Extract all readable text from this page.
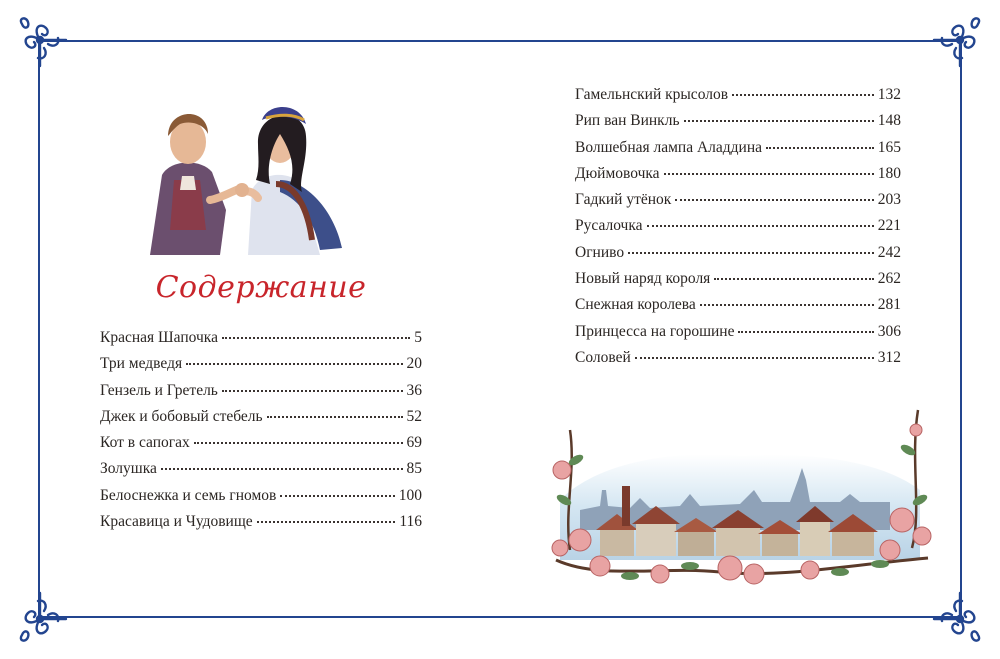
Содержание
Красная Шапочка	5
Три медведя	20
Гензель и Гретель	36
Джек и бобовый стебель	52
Кот в сапогах	69
Золушка	85
Белоснежка и семь гномов	100
Красавица и Чудовище	116
Гамельнский крысолов	132
Рип ван Винкль	148
Волшебная лампа Аладдина	165
Дюймовочка	180
Гадкий утёнок	203
Русалочка	221
Огниво	242
Новый наряд короля	262
Снежная королева	281
Принцесса на горошине	306
Соловей	312
